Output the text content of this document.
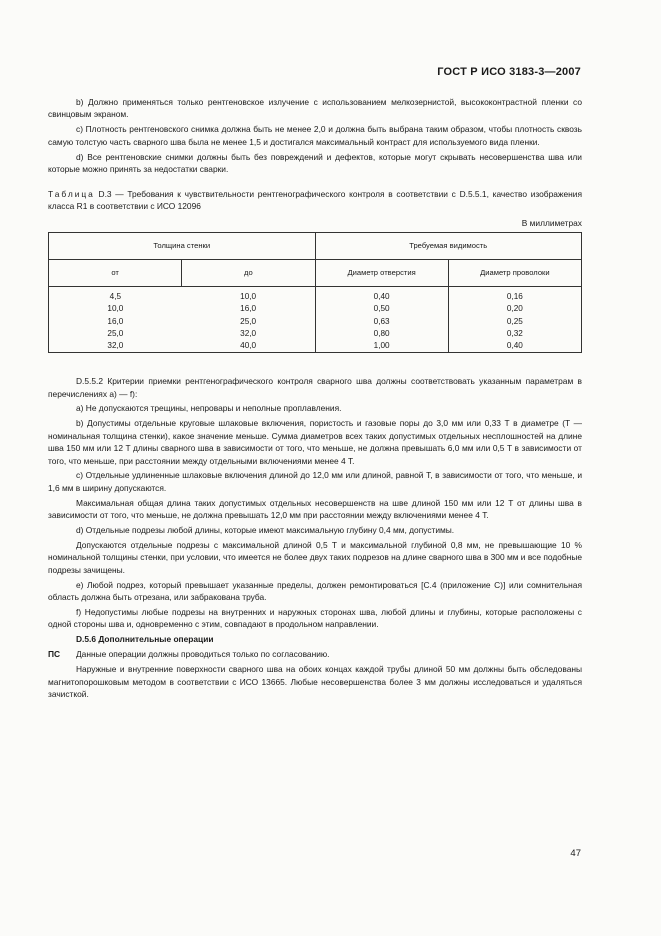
ГОСТ Р ИСО 3183-3—2007

b) Должно применяться только рентгеновское излучение с использованием мелкозернистой, высококонтрастной пленки со свинцовым экраном.

c) Плотность рентгеновского снимка должна быть не менее 2,0 и должна быть выбрана таким образом, чтобы плотность сквозь самую толстую часть сварного шва была не менее 1,5 и достигался максимальный контраст для используемого вида пленки.

d) Все рентгеновские снимки должны быть без повреждений и дефектов, которые могут скрывать несовершенства шва или которые можно принять за недостатки сварки.

Таблица D.3 — Требования к чувствительности рентгенографического контроля в соответствии с D.5.5.1, качество изображения класса R1 в соответствии с ИСО 12096

В миллиметрах
Толщина стенки		Требуемая видимость	
от	до	Диаметр отверстия	Диаметр проволоки
4,5	10,0	0,40	0,16
10,0	16,0	0,50	0,20
16,0	25,0	0,63	0,25
25,0	32,0	0,80	0,32
32,0	40,0	1,00	0,40

D.5.5.2 Критерии приемки рентгенографического контроля сварного шва должны соответствовать указанным параметрам в перечислениях a) — f):

a) Не допускаются трещины, непровары и неполные проплавления.

b) Допустимы отдельные круговые шлаковые включения, пористость и газовые поры до 3,0 мм или 0,33 T в диаметре (T — номинальная толщина стенки), какое значение меньше. Сумма диаметров всех таких допустимых отдельных несплошностей на длине шва 150 мм или 12 T длины сварного шва в зависимости от того, что меньше, не должна превышать 6,0 мм или 0,5 T в зависимости от того, что меньше, при расстоянии между отдельными включениями менее 4 T.

c) Отдельные удлиненные шлаковые включения длиной до 12,0 мм или длиной, равной T, в зависимости от того, что меньше, и 1,6 мм в ширину допускаются.

Максимальная общая длина таких допустимых отдельных несовершенств на шве длиной 150 мм или 12 T от длины шва в зависимости от того, что меньше, не должна превышать 12,0 мм при расстоянии между включениями менее 4 T.

d) Отдельные подрезы любой длины, которые имеют максимальную глубину 0,4 мм, допустимы.

Допускаются отдельные подрезы с максимальной длиной 0,5 T и максимальной глубиной 0,8 мм, не превышающие 10 % номинальной толщины стенки, при условии, что имеется не более двух таких подрезов на длине сварного шва в 300 мм и все подобные подрезы зачищены.

e) Любой подрез, который превышает указанные пределы, должен ремонтироваться [C.4 (приложение C)] или сомнительная область должна быть отрезана, или забракована труба.

f) Недопустимы любые подрезы на внутренних и наружных сторонах шва, любой длины и глубины, которые расположены с одной стороны шва и, одновременно с этим, совпадают в продольном направлении.

D.5.6 Дополнительные операции

ПС	Данные операции должны проводиться только по согласованию.

Наружные и внутренние поверхности сварного шва на обоих концах каждой трубы длиной 50 мм должны быть обследованы магнитопорошковым методом в соответствии с ИСО 13665. Любые несовершенства более 3 мм должны исследоваться и удаляться зачисткой.

47
